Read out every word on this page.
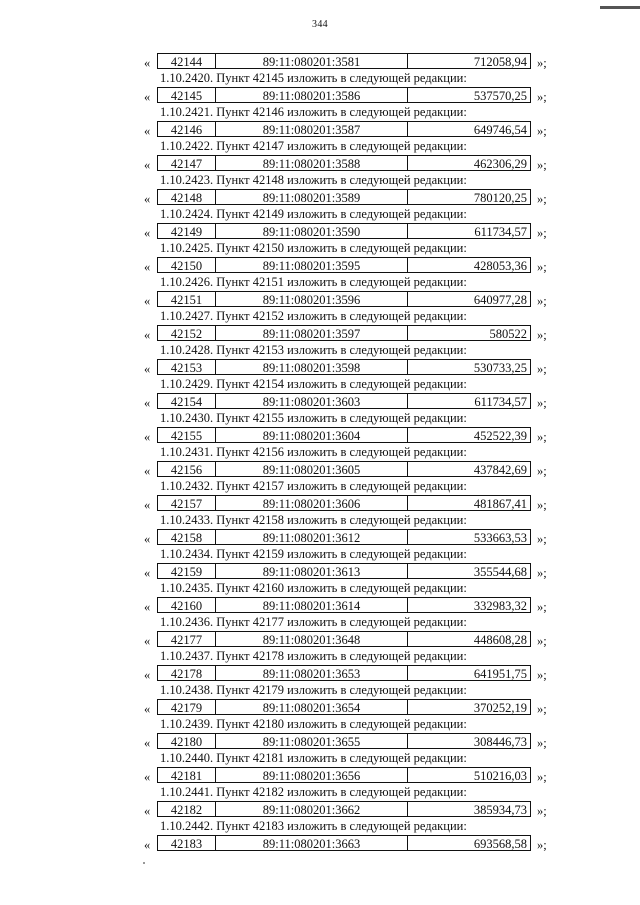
344
«	42144	89:11:080201:3581	712058,94 »;
1.10.2420. Пункт 42145 изложить в следующей редакции:
«	42145	89:11:080201:3586	537570,25 »;
1.10.2421. Пункт 42146 изложить в следующей редакции:
«	42146	89:11:080201:3587	649746,54 »;
1.10.2422. Пункт 42147 изложить в следующей редакции:
«	42147	89:11:080201:3588	462306,29 »;
1.10.2423. Пункт 42148 изложить в следующей редакции:
«	42148	89:11:080201:3589	780120,25 »;
1.10.2424. Пункт 42149 изложить в следующей редакции:
«	42149	89:11:080201:3590	611734,57 »;
1.10.2425. Пункт 42150 изложить в следующей редакции:
«	42150	89:11:080201:3595	428053,36 »;
1.10.2426. Пункт 42151 изложить в следующей редакции:
«	42151	89:11:080201:3596	640977,28 »;
1.10.2427. Пункт 42152 изложить в следующей редакции:
«	42152	89:11:080201:3597	580522 »;
1.10.2428. Пункт 42153 изложить в следующей редакции:
«	42153	89:11:080201:3598	530733,25 »;
1.10.2429. Пункт 42154 изложить в следующей редакции:
«	42154	89:11:080201:3603	611734,57 »;
1.10.2430. Пункт 42155 изложить в следующей редакции:
«	42155	89:11:080201:3604	452522,39 »;
1.10.2431. Пункт 42156 изложить в следующей редакции:
«	42156	89:11:080201:3605	437842,69 »;
1.10.2432. Пункт 42157 изложить в следующей редакции:
«	42157	89:11:080201:3606	481867,41 »;
1.10.2433. Пункт 42158 изложить в следующей редакции:
«	42158	89:11:080201:3612	533663,53 »;
1.10.2434. Пункт 42159 изложить в следующей редакции:
«	42159	89:11:080201:3613	355544,68 »;
1.10.2435. Пункт 42160 изложить в следующей редакции:
«	42160	89:11:080201:3614	332983,32 »;
1.10.2436. Пункт 42177 изложить в следующей редакции:
«	42177	89:11:080201:3648	448608,28 »;
1.10.2437. Пункт 42178 изложить в следующей редакции:
«	42178	89:11:080201:3653	641951,75 »;
1.10.2438. Пункт 42179 изложить в следующей редакции:
«	42179	89:11:080201:3654	370252,19 »;
1.10.2439. Пункт 42180 изложить в следующей редакции:
«	42180	89:11:080201:3655	308446,73 »;
1.10.2440. Пункт 42181 изложить в следующей редакции:
«	42181	89:11:080201:3656	510216,03 »;
1.10.2441. Пункт 42182 изложить в следующей редакции:
«	42182	89:11:080201:3662	385934,73 »;
1.10.2442. Пункт 42183 изложить в следующей редакции:
«	42183	89:11:080201:3663	693568,58 »;
